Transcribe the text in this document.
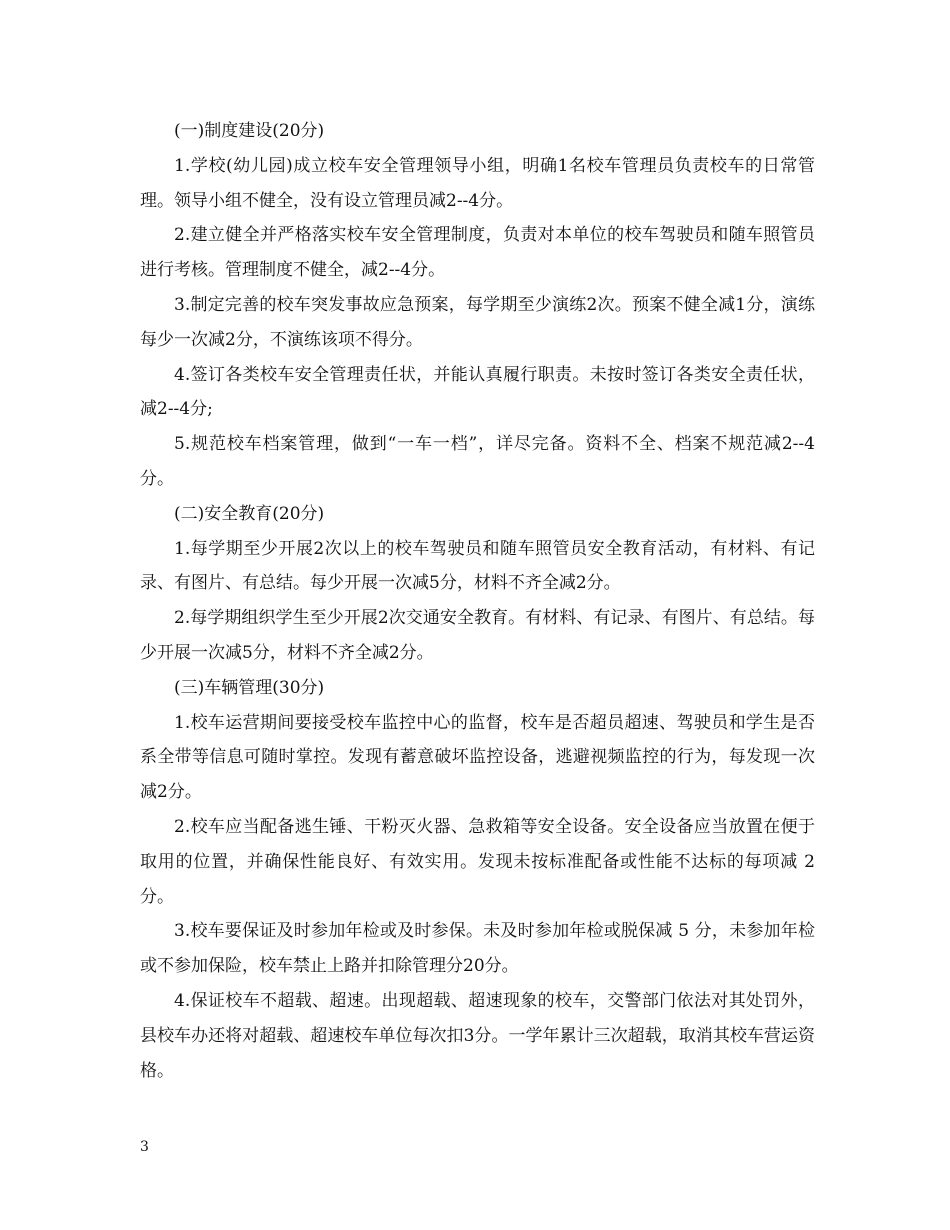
(一)制度建设(20分)

1.学校(幼儿园)成立校车安全管理领导小组，明确1名校车管理员负责校车的日常管理。领导小组不健全，没有设立管理员减2--4分。

2.建立健全并严格落实校车安全管理制度，负责对本单位的校车驾驶员和随车照管员进行考核。管理制度不健全，减2--4分。

3.制定完善的校车突发事故应急预案，每学期至少演练2次。预案不健全减1分，演练每少一次减2分，不演练该项不得分。

4.签订各类校车安全管理责任状，并能认真履行职责。未按时签订各类安全责任状，减2--4分;

5.规范校车档案管理，做到“一车一档”，详尽完备。资料不全、档案不规范减2--4分。

(二)安全教育(20分)

1.每学期至少开展2次以上的校车驾驶员和随车照管员安全教育活动，有材料、有记录、有图片、有总结。每少开展一次减5分，材料不齐全减2分。

2.每学期组织学生至少开展2次交通安全教育。有材料、有记录、有图片、有总结。每少开展一次减5分，材料不齐全减2分。

(三)车辆管理(30分)

1.校车运营期间要接受校车监控中心的监督，校车是否超员超速、驾驶员和学生是否系全带等信息可随时掌控。发现有蓄意破坏监控设备，逃避视频监控的行为，每发现一次减2分。

2.校车应当配备逃生锤、干粉灭火器、急救箱等安全设备。安全设备应当放置在便于取用的位置，并确保性能良好、有效实用。发现未按标准配备或性能不达标的每项减 2 分。

3.校车要保证及时参加年检或及时参保。未及时参加年检或脱保减 5 分，未参加年检或不参加保险，校车禁止上路并扣除管理分20分。

4.保证校车不超载、超速。出现超载、超速现象的校车，交警部门依法对其处罚外，县校车办还将对超载、超速校车单位每次扣3分。一学年累计三次超载，取消其校车营运资格。

3
